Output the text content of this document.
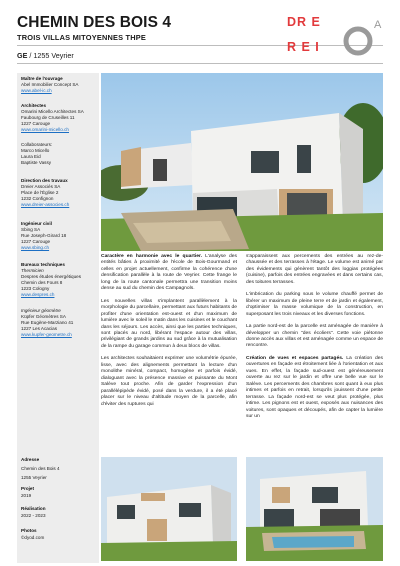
CHEMIN DES BOIS 4
TROIS VILLAS MITOYENNES THPE
GE / 1255 Veyrier
DR E
R E I
A
Maître de l'ouvrage
Abel Immobilier Concept SA
www.abel-ic.ch
Architectes
Omarini Micello Architectes SA
Faubourg de Cruseilles 11
1227 Carouge
www.omarini-micello.ch
Collaborateurs:
Marco Micello
Laura Eid
Baptiste Vassy
Direction des travaux
Dreier Associés SA
Place de l'Église 2
1232 Confignon
www.dreier-associes.ch
Ingénieur civil
Sbing SA
Rue Joseph-Girard 18
1227 Carouge
www.sbing.ch
Bureaux techniques
Thermicien
Despres études énergétiques
Chemin des Fours 8
1223 Cologny
www.despres.ch
Ingénieur géomètre
Küpfer Géomètres SA
Rue Eugène-Marziano 41
1227 Les Acacias
www.kupfer-geometre.ch
Adresse
Chemin des Bois 4
1255 Veyrier
Projet
2019
Réalisation
2022 - 2023
Photos
©dyod.com

Caractère en harmonie avec le quartier. L'analyse des entités bâties à proximité de l'école de Bois-Gourmand et celles en projet actuellement, confirme la cohérence d'une densification parallèle à la route de Veyrier. Cette frange le long de la route cantonale permettra une transition moins dense au sud du chemin des Campagnols.

Les nouvelles villas s'implantent parallèlement à la morphologie du parcellaire, permettant aux futurs habitants de profiter d'une orientation est-ouest et d'un maximum de lumière avec le soleil le matin dans les cuisines et le couchant dans les séjours. Les accès, ainsi que les parties techniques, sont placés au nord, libérant l'espace autour des villas, privilégiant de grands jardins au sud grâce à la mutualisation de la rampe du garage commun à deux blocs de villas.

Les architectes souhaitaient exprimer une volumétrie épurée, lisse, avec des alignements permettant la lecture d'un monolithe minéral, compact, homogène et parfois évidé, dialoguant avec la présence massive et puissante du Mont Salève tout proche. Afin de garder l'expression d'un parallélépipède évidé, posé dans la verdure, il a été placé placer sur le niveau d'altitude moyen de la parcelle, afin d'éviter des ruptures qui

s'apparaissent aux percements des entrées au rez-de-chaussée et des terrasses à l'étage. Le volume est animé par des évidements qui génèrent tantôt des loggias protégées (cuisine), parfois des entrées engravées et dans certains cas, des toitures terrasses.

L'imbrication du parking sous le volume chauffé permet de libérer un maximum de pleine terre et de jardin et également, d'optimiser la masse volumique de la construction, en superposant les trois niveaux et les diverses fonctions.

La partie nord-est de la parcelle est aménagée de manière à développer un chemin "des écoliers". Cette voie piétonne donne accès aux villas et est aménagée comme un espace de rencontre.

Création de vues et espaces partagés. La création des ouvertures en façade est étroitement liée à l'orientation et aux vues. En effet, la façade sud-ouest est généreusement ouverte au rez sur le jardin et offre une belle vue sur le Salève. Les percements des chambres sont quant à eux plus intimes et parfois en retrait, lorsqu'ils jouissent d'une petite terrasse. La façade nord-est se veut plus protégée, plus intime. Les pignons est et ouest, exposés aux nuisances des voitures, sont opaques et découpés, afin de capter la lumière sur un
